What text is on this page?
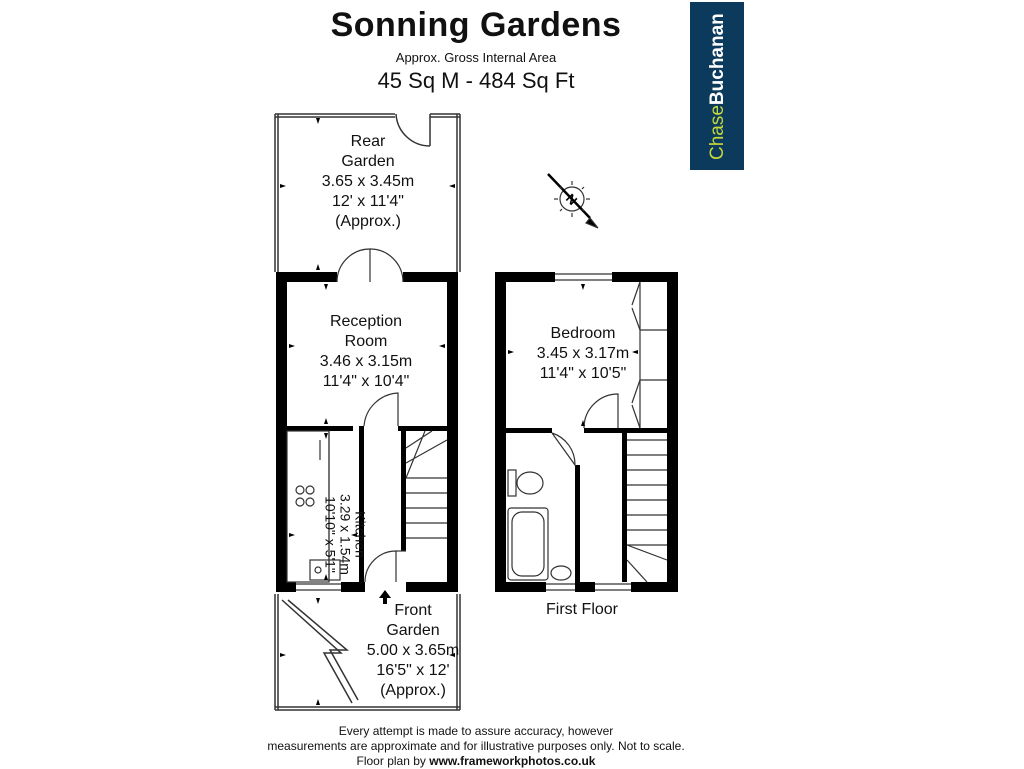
Sonning Gardens
Approx. Gross Internal Area
45 Sq M - 484 Sq Ft
ChaseBuchanan
N
Rear
Garden
3.65 x 3.45m
12' x 11'4"
(Approx.)
Reception
Room
3.46 x 3.15m
11'4" x 10'4"
Kitchen
3.29 x 1.54m
10'10" x 5'1"
Front
Garden
5.00 x 3.65m
16'5" x 12'
(Approx.)
Bedroom
3.45 x 3.17m
11'4" x 10'5"
First Floor
Every attempt is made to assure accuracy, however
measurements are approximate and for illustrative purposes only. Not to scale.
Floor plan by www.frameworkphotos.co.uk
